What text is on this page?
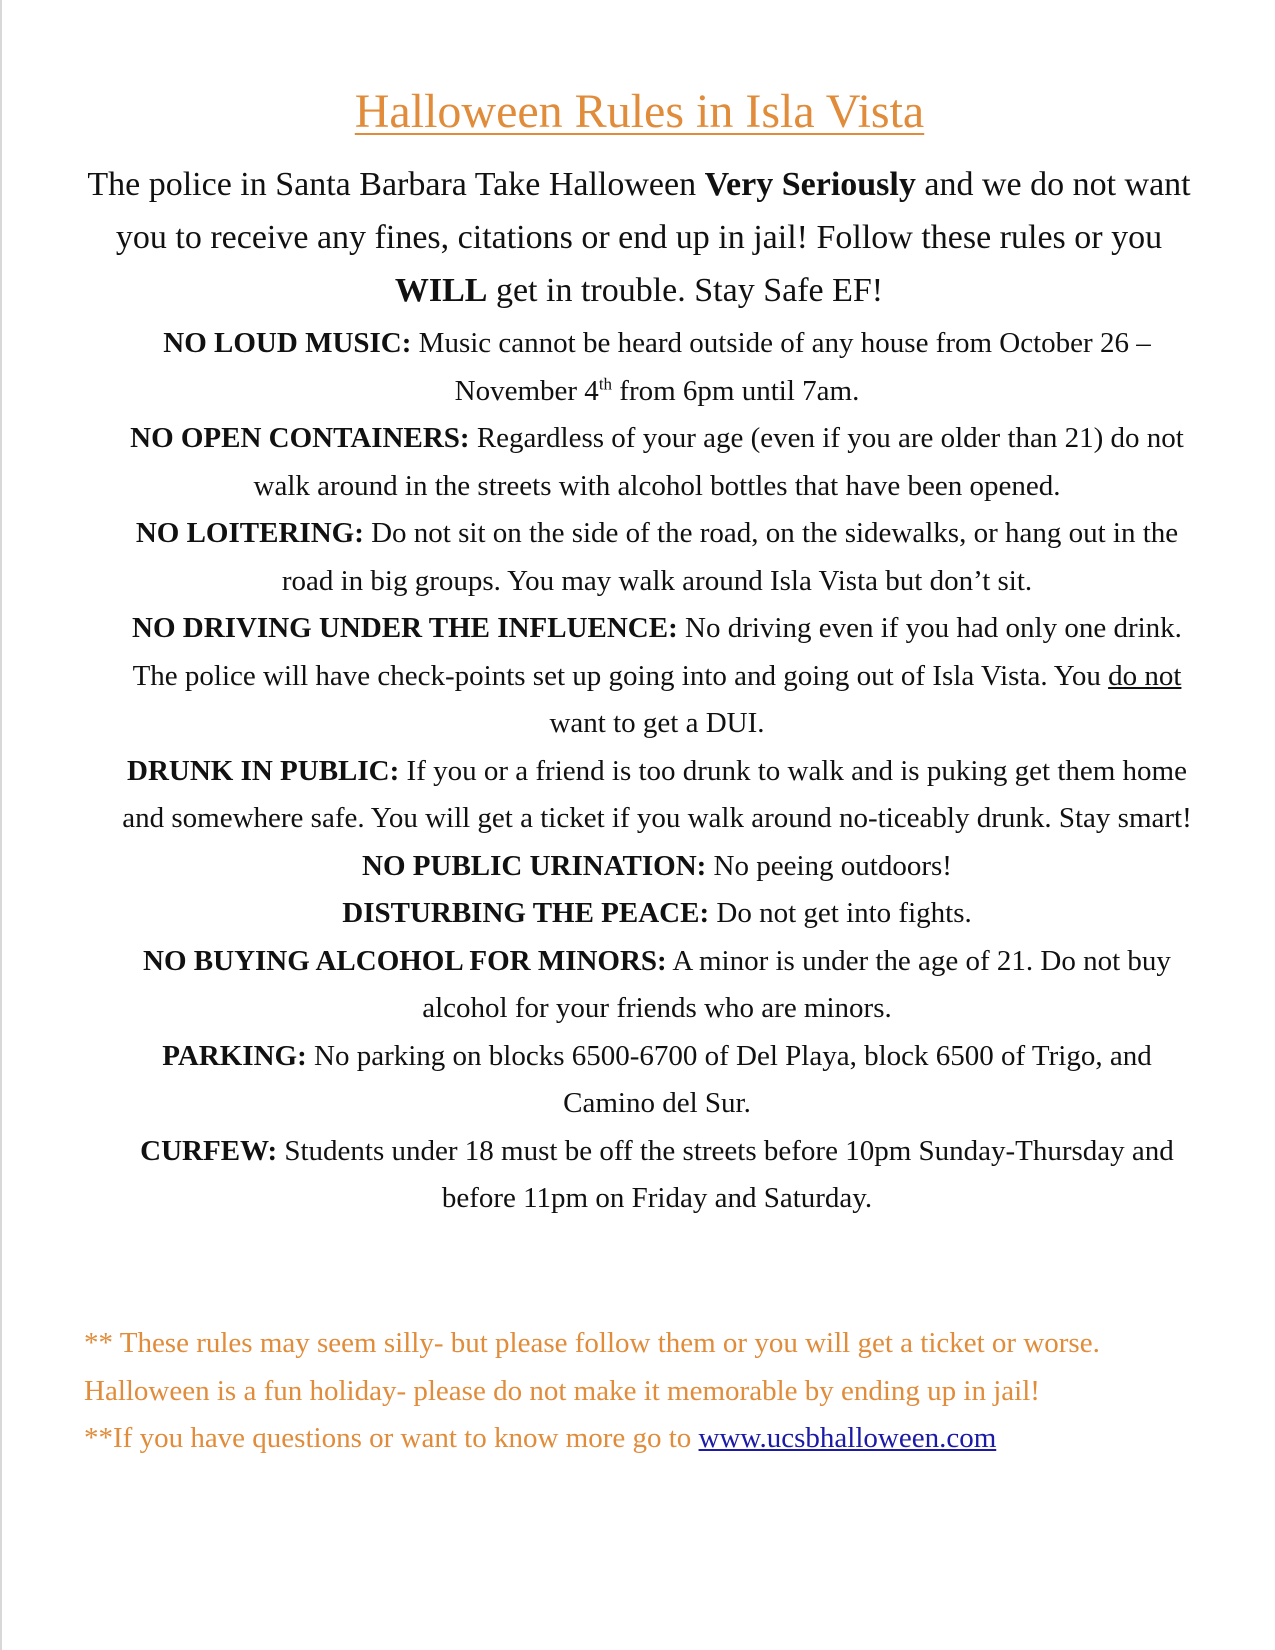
Halloween Rules in Isla Vista
The police in Santa Barbara Take Halloween Very Seriously and we do not want you to receive any fines, citations or end up in jail! Follow these rules or you WILL get in trouble. Stay Safe EF!

NO LOUD MUSIC: Music cannot be heard outside of any house from October 26 – November 4th from 6pm until 7am.

NO OPEN CONTAINERS: Regardless of your age (even if you are older than 21) do not walk around in the streets with alcohol bottles that have been opened.

NO LOITERING: Do not sit on the side of the road, on the sidewalks, or hang out in the road in big groups. You may walk around Isla Vista but don’t sit.

NO DRIVING UNDER THE INFLUENCE: No driving even if you had only one drink. The police will have check-points set up going into and going out of Isla Vista. You do not want to get a DUI.

DRUNK IN PUBLIC: If you or a friend is too drunk to walk and is puking get them home and somewhere safe. You will get a ticket if you walk around no-ticeably drunk. Stay smart!

NO PUBLIC URINATION: No peeing outdoors!

DISTURBING THE PEACE: Do not get into fights.

NO BUYING ALCOHOL FOR MINORS: A minor is under the age of 21. Do not buy alcohol for your friends who are minors.

PARKING: No parking on blocks 6500-6700 of Del Playa, block 6500 of Trigo, and Camino del Sur.

CURFEW: Students under 18 must be off the streets before 10pm Sunday-Thursday and before 11pm on Friday and Saturday.

** These rules may seem silly- but please follow them or you will get a ticket or worse. Halloween is a fun holiday- please do not make it memorable by ending up in jail!

**If you have questions or want to know more go to www.ucsbhalloween.com
